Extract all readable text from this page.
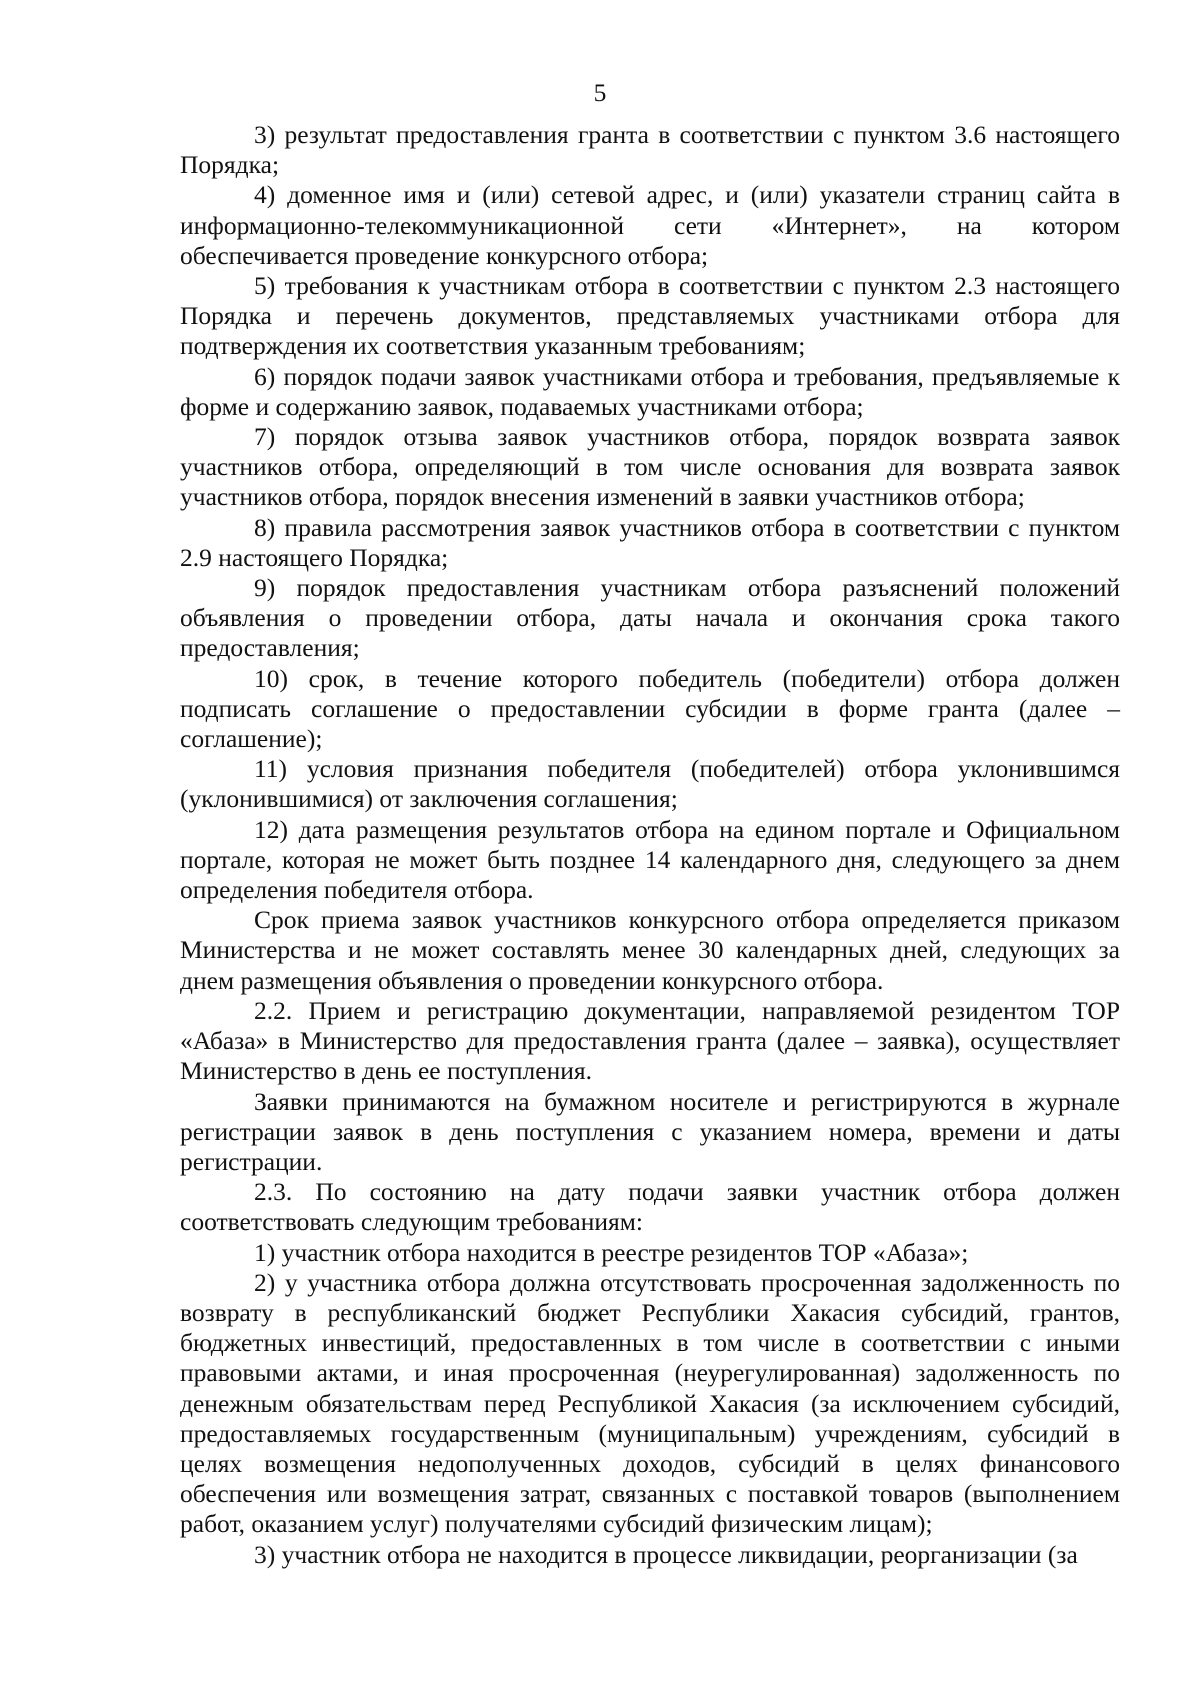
5

3) результат предоставления гранта в соответствии с пунктом 3.6 настоящего Порядка;

4) доменное имя и (или) сетевой адрес, и (или) указатели страниц сайта в информационно-телекоммуникационной сети «Интернет», на котором обеспечивается проведение конкурсного отбора;

5) требования к участникам отбора в соответствии с пунктом 2.3 настоящего Порядка и перечень документов, представляемых участниками отбора для подтверждения их соответствия указанным требованиям;

6) порядок подачи заявок участниками отбора и требования, предъявляемые к форме и содержанию заявок, подаваемых участниками отбора;

7) порядок отзыва заявок участников отбора, порядок возврата заявок участников отбора, определяющий в том числе основания для возврата заявок участников отбора, порядок внесения изменений в заявки участников отбора;

8) правила рассмотрения заявок участников отбора в соответствии с пунктом 2.9 настоящего Порядка;

9) порядок предоставления участникам отбора разъяснений положений объявления о проведении отбора, даты начала и окончания срока такого предоставления;

10) срок, в течение которого победитель (победители) отбора должен подписать соглашение о предоставлении субсидии в форме гранта (далее – соглашение);

11) условия признания победителя (победителей) отбора уклонившимся (уклонившимися) от заключения соглашения;

12) дата размещения результатов отбора на едином портале и Официальном портале, которая не может быть позднее 14 календарного дня, следующего за днем определения победителя отбора.

Срок приема заявок участников конкурсного отбора определяется приказом Министерства и не может составлять менее 30 календарных дней, следующих за днем размещения объявления о проведении конкурсного отбора.

2.2. Прием и регистрацию документации, направляемой резидентом ТОР «Абаза» в Министерство для предоставления гранта (далее – заявка), осуществляет Министерство в день ее поступления.

Заявки принимаются на бумажном носителе и регистрируются в журнале регистрации заявок в день поступления с указанием номера, времени и даты регистрации.

2.3. По состоянию на дату подачи заявки участник отбора должен соответствовать следующим требованиям:

1) участник отбора находится в реестре резидентов ТОР «Абаза»;

2) у участника отбора должна отсутствовать просроченная задолженность по возврату в республиканский бюджет Республики Хакасия субсидий, грантов, бюджетных инвестиций, предоставленных в том числе в соответствии с иными правовыми актами, и иная просроченная (неурегулированная) задолженность по денежным обязательствам перед Республикой Хакасия (за исключением субсидий, предоставляемых государственным (муниципальным) учреждениям, субсидий в целях возмещения недополученных доходов, субсидий в целях финансового обеспечения или возмещения затрат, связанных с поставкой товаров (выполнением работ, оказанием услуг) получателями субсидий физическим лицам);

3) участник отбора не находится в процессе ликвидации, реорганизации (за
